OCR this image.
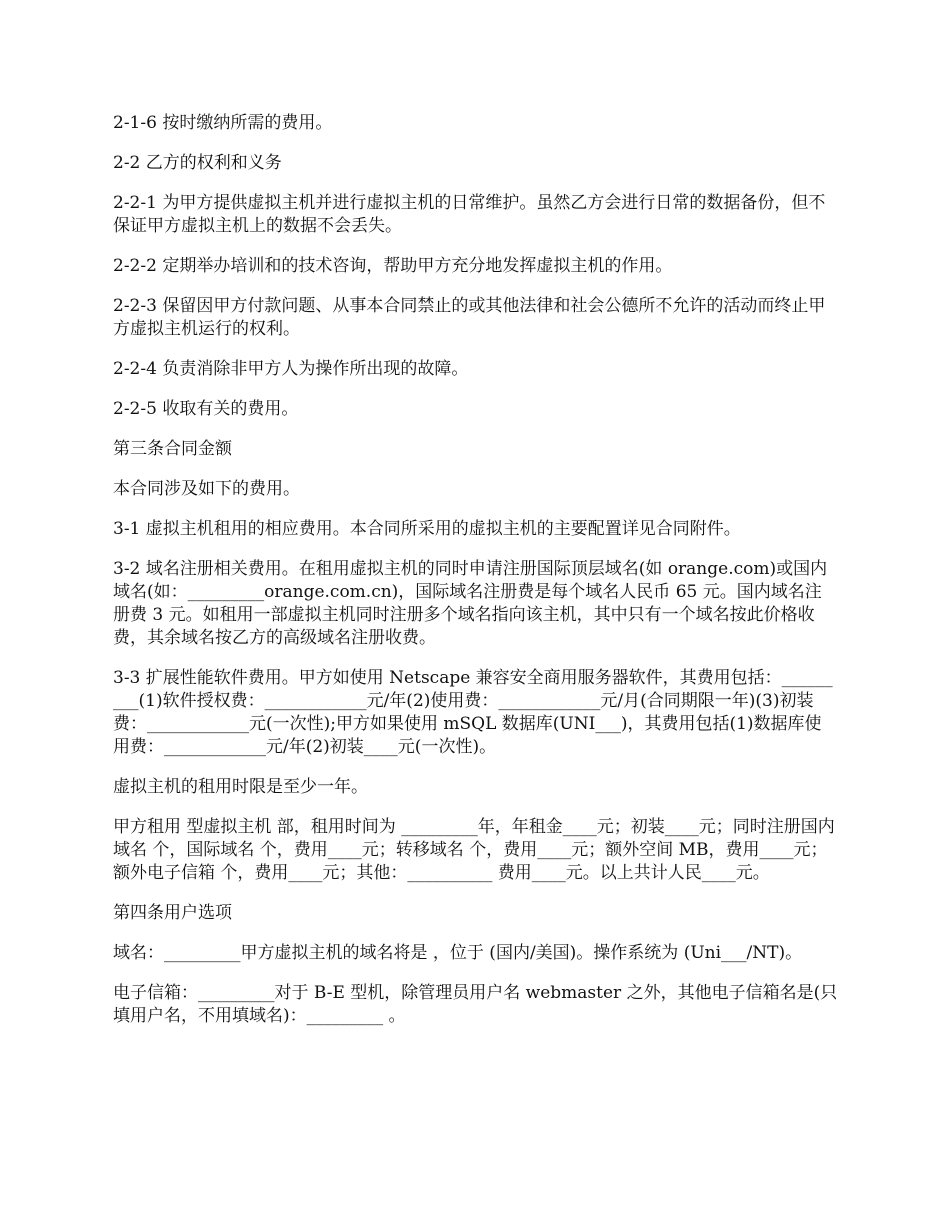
2-1-6 按时缴纳所需的费用。

2-2 乙方的权利和义务

2-2-1 为甲方提供虚拟主机并进行虚拟主机的日常维护。虽然乙方会进行日常的数据备份，但不保证甲方虚拟主机上的数据不会丢失。

2-2-2 定期举办培训和的技术咨询，帮助甲方充分地发挥虚拟主机的作用。

2-2-3 保留因甲方付款问题、从事本合同禁止的或其他法律和社会公德所不允许的活动而终止甲方虚拟主机运行的权利。

2-2-4 负责消除非甲方人为操作所出现的故障。

2-2-5 收取有关的费用。

第三条合同金额

本合同涉及如下的费用。

3-1 虚拟主机租用的相应费用。本合同所采用的虚拟主机的主要配置详见合同附件。

3-2 域名注册相关费用。在租用虚拟主机的同时申请注册国际顶层域名(如 orange.com)或国内域名(如：_________orange.com.cn)，国际域名注册费是每个域名人民币 65 元。国内域名注册费 3 元。如租用一部虚拟主机同时注册多个域名指向该主机，其中只有一个域名按此价格收费，其余域名按乙方的高级域名注册收费。

3-3 扩展性能软件费用。甲方如使用 Netscape 兼容安全商用服务器软件，其费用包括：_________(1)软件授权费：____________元/年(2)使用费：____________元/月(合同期限一年)(3)初装费：____________元(一次性);甲方如果使用 mSQL 数据库(UNI___)，其费用包括(1)数据库使用费：____________元/年(2)初装____元(一次性)。

虚拟主机的租用时限是至少一年。

甲方租用 型虚拟主机 部，租用时间为 _________年，年租金____元；初装____元；同时注册国内域名 个，国际域名 个，费用____元；转移域名 个，费用____元；额外空间 MB，费用____元；额外电子信箱 个，费用____元；其他：__________ 费用____元。以上共计人民____元。

第四条用户选项

域名：_________甲方虚拟主机的域名将是 ，位于 (国内/美国)。操作系统为 (Uni___/NT)。

电子信箱：_________对于 B-E 型机，除管理员用户名 webmaster 之外，其他电子信箱名是(只填用户名，不用填域名)：_________ 。
